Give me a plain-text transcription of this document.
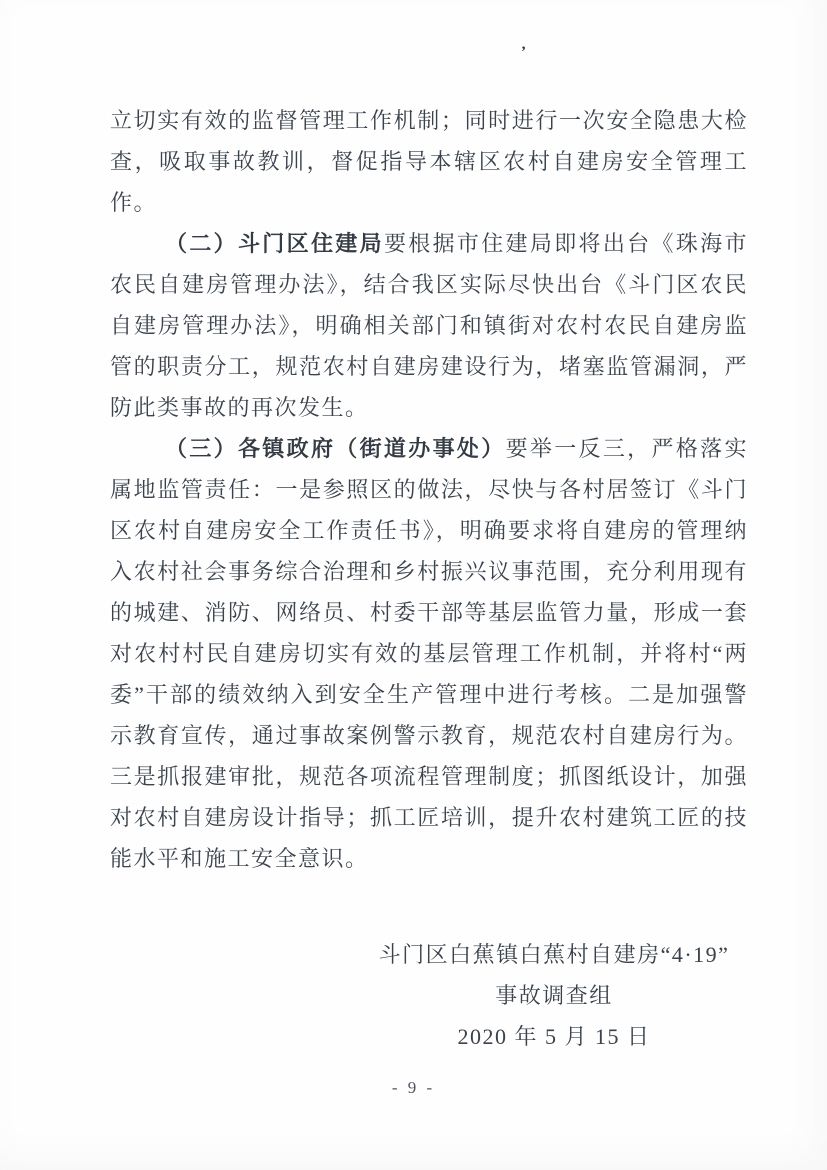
’

立切实有效的监督管理工作机制；同时进行一次安全隐患大检查，吸取事故教训，督促指导本辖区农村自建房安全管理工作。

（二）斗门区住建局要根据市住建局即将出台《珠海市农民自建房管理办法》，结合我区实际尽快出台《斗门区农民自建房管理办法》，明确相关部门和镇街对农村农民自建房监管的职责分工，规范农村自建房建设行为，堵塞监管漏洞，严防此类事故的再次发生。

（三）各镇政府（街道办事处）要举一反三，严格落实属地监管责任：一是参照区的做法，尽快与各村居签订《斗门区农村自建房安全工作责任书》，明确要求将自建房的管理纳入农村社会事务综合治理和乡村振兴议事范围，充分利用现有的城建、消防、网络员、村委干部等基层监管力量，形成一套对农村村民自建房切实有效的基层管理工作机制，并将村“两委”干部的绩效纳入到安全生产管理中进行考核。二是加强警示教育宣传，通过事故案例警示教育，规范农村自建房行为。三是抓报建审批，规范各项流程管理制度；抓图纸设计，加强对农村自建房设计指导；抓工匠培训，提升农村建筑工匠的技能水平和施工安全意识。

斗门区白蕉镇白蕉村自建房“4·19”
事故调查组
2020 年 5 月 15 日
- 9 -
